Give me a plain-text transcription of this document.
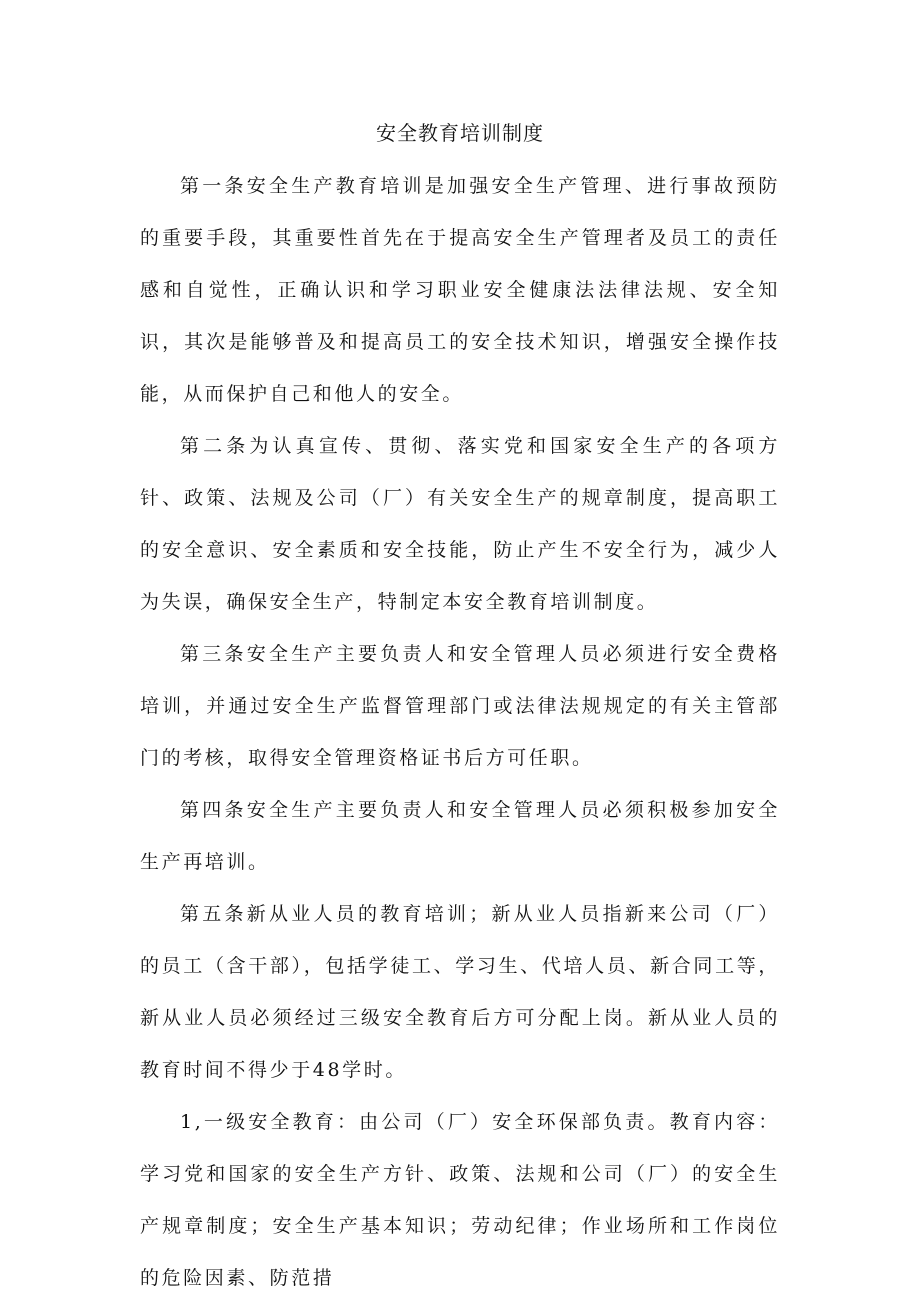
安全教育培训制度

第一条安全生产教育培训是加强安全生产管理、进行事故预防的重要手段，其重要性首先在于提高安全生产管理者及员工的责任感和自觉性，正确认识和学习职业安全健康法法律法规、安全知识，其次是能够普及和提高员工的安全技术知识，增强安全操作技能，从而保护自己和他人的安全。

第二条为认真宣传、贯彻、落实党和国家安全生产的各项方针、政策、法规及公司（厂）有关安全生产的规章制度，提高职工的安全意识、安全素质和安全技能，防止产生不安全行为，减少人为失误，确保安全生产，特制定本安全教育培训制度。

第三条安全生产主要负责人和安全管理人员必须进行安全费格培训，并通过安全生产监督管理部门或法律法规规定的有关主管部门的考核，取得安全管理资格证书后方可任职。

第四条安全生产主要负责人和安全管理人员必须积极参加安全生产再培训。

第五条新从业人员的教育培训；新从业人员指新来公司（厂）的员工（含干部），包括学徒工、学习生、代培人员、新合同工等，新从业人员必须经过三级安全教育后方可分配上岗。新从业人员的教育时间不得少于48学时。

1,一级安全教育：由公司（厂）安全环保部负责。教育内容：学习党和国家的安全生产方针、政策、法规和公司（厂）的安全生产规章制度；安全生产基本知识；劳动纪律；作业场所和工作岗位的危险因素、防范措
